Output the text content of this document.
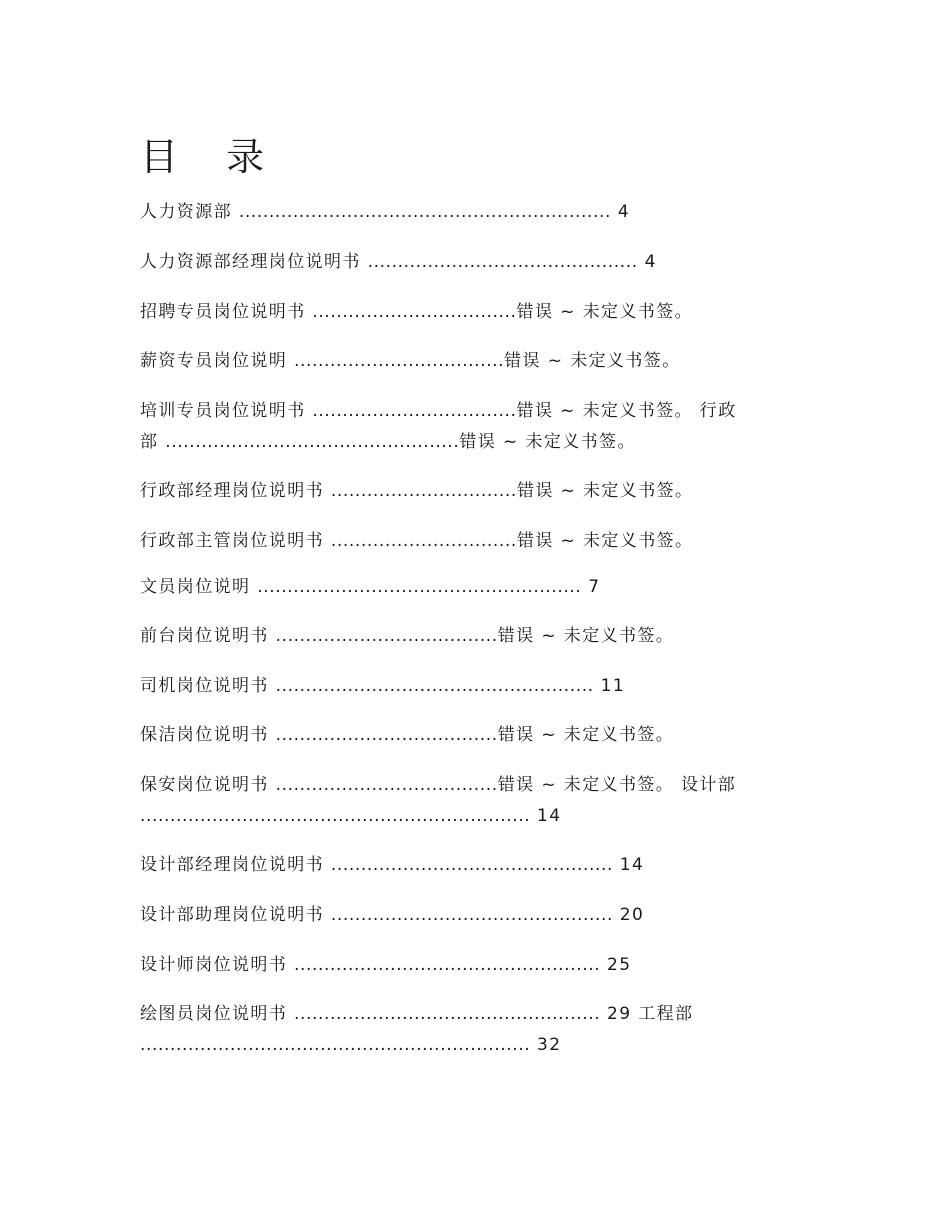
目 录
人力资源部 .............................................................. 4
人力资源部经理岗位说明书 ............................................. 4
招聘专员岗位说明书 ..................................错误 ~ 未定义书签。
薪资专员岗位说明 ...................................错误 ~ 未定义书签。
培训专员岗位说明书 ..................................错误 ~ 未定义书签。 行政
部 .................................................错误 ~ 未定义书签。
行政部经理岗位说明书 ...............................错误 ~ 未定义书签。
行政部主管岗位说明书 ...............................错误 ~ 未定义书签。
文员岗位说明 ...................................................... 7
前台岗位说明书 .....................................错误 ~ 未定义书签。
司机岗位说明书 ..................................................... 11
保洁岗位说明书 .....................................错误 ~ 未定义书签。
保安岗位说明书 .....................................错误 ~ 未定义书签。 设计部
................................................................. 14
设计部经理岗位说明书 ............................................... 14
设计部助理岗位说明书 ............................................... 20
设计师岗位说明书 ................................................... 25
绘图员岗位说明书 ................................................... 29 工程部
................................................................. 32
